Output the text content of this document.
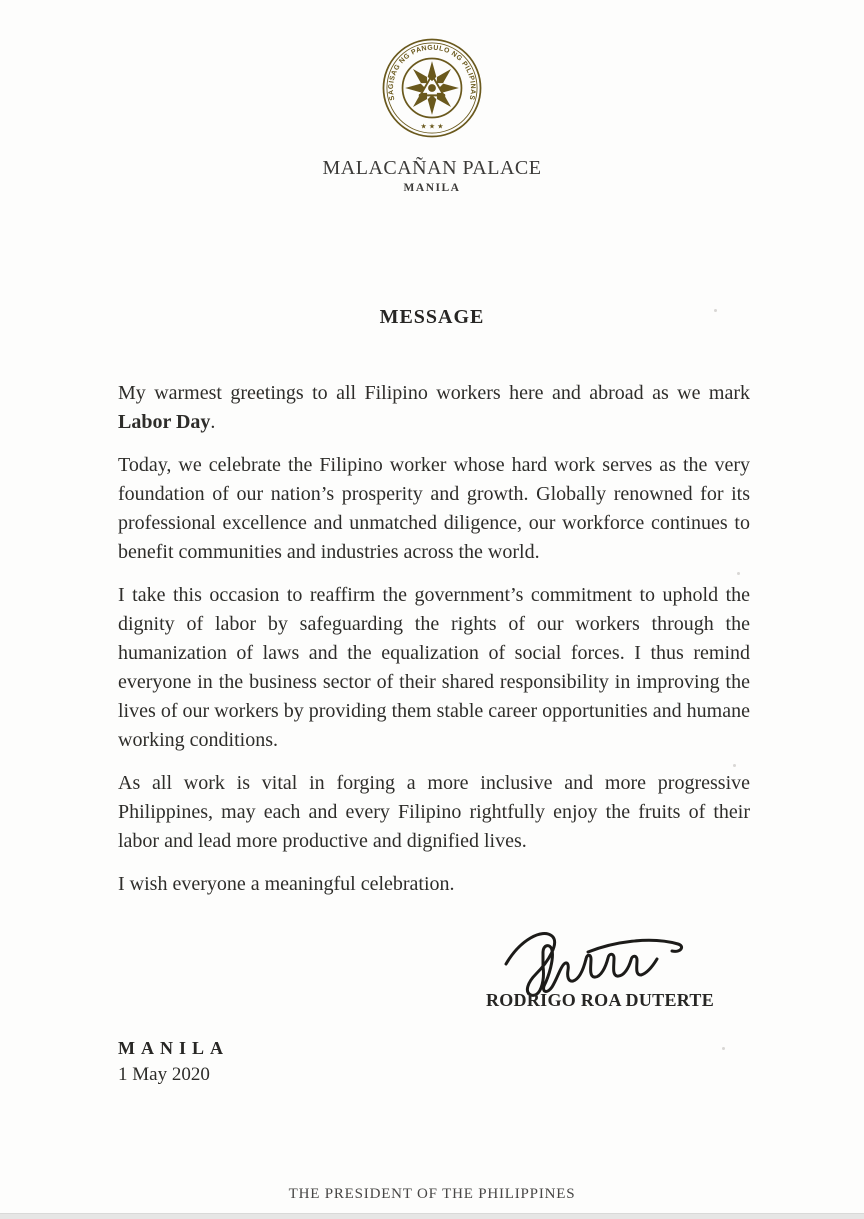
SAGISAG NG PANGULO NG PILIPINAS
★ ★ ★
MALACAÑAN PALACE
MANILA
MESSAGE

My warmest greetings to all Filipino workers here and abroad as we mark Labor Day.

Today, we celebrate the Filipino worker whose hard work serves as the very foundation of our nation’s prosperity and growth. Globally renowned for its professional excellence and unmatched diligence, our workforce continues to benefit communities and industries across the world.

I take this occasion to reaffirm the government’s commitment to uphold the dignity of labor by safeguarding the rights of our workers through the humanization of laws and the equalization of social forces. I thus remind everyone in the business sector of their shared responsibility in improving the lives of our workers by providing them stable career opportunities and humane working conditions.

As all work is vital in forging a more inclusive and more progressive Philippines, may each and every Filipino rightfully enjoy the fruits of their labor and lead more productive and dignified lives.

I wish everyone a meaningful celebration.

RODRIGO ROA DUTERTE
MANILA
1 May 2020
THE PRESIDENT OF THE PHILIPPINES
